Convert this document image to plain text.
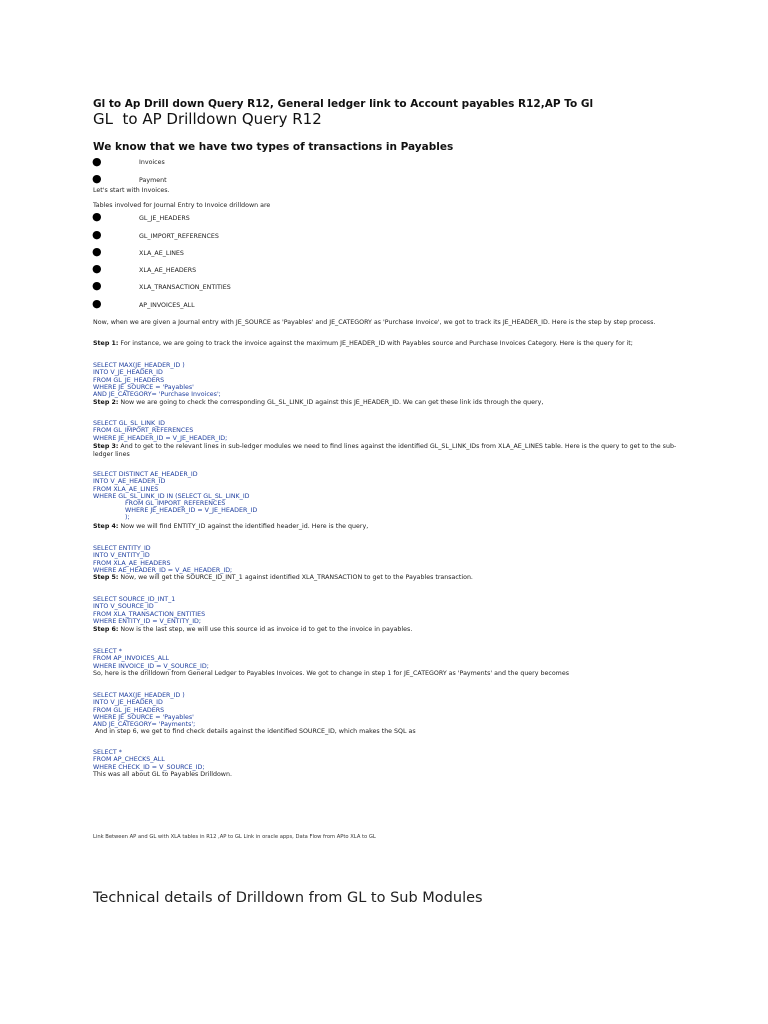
Gl to Ap Drill down Query R12, General ledger link to Account payables R12,AP To Gl
GL  to AP Drilldown Query R12
We know that we have two types of transactions in Payables
●	Invoices
●	Payment
Let's start with Invoices.
Tables involved for Journal Entry to Invoice drilldown are
●	GL_JE_HEADERS
●	GL_IMPORT_REFERENCES
●	XLA_AE_LINES
●	XLA_AE_HEADERS
●	XLA_TRANSACTION_ENTITIES
●	AP_INVOICES_ALL
Now, when we are given a Journal entry with JE_SOURCE as 'Payables' and JE_CATEGORY as 'Purchase Invoice', we got to track its JE_HEADER_ID. Here is the step by step process.
Step 1: For instance, we are going to track the invoice against the maximum JE_HEADER_ID with Payables source and Purchase Invoices Category. Here is the query for it;

SELECT MAX(JE_HEADER_ID )
INTO V_JE_HEADER_ID
FROM GL_JE_HEADERS
WHERE JE_SOURCE = 'Payables'
AND JE_CATEGORY= 'Purchase Invoices';
Step 2: Now we are going to check the corresponding GL_SL_LINK_ID against this JE_HEADER_ID. We can get these link ids through the query,

SELECT GL_SL_LINK_ID
FROM GL_IMPORT_REFERENCES
WHERE JE_HEADER_ID = V_JE_HEADER_ID;
Step 3: And to get to the relevant lines in sub-ledger modules we need to find lines against the identified GL_SL_LINK_IDs from XLA_AE_LINES table. Here is the query to get to the sub-ledger lines

SELECT DISTINCT AE_HEADER_ID
INTO V_AE_HEADER_ID
FROM XLA_AE_LINES
WHERE GL_SL_LINK_ID IN (SELECT GL_SL_LINK_ID
FROM GL_IMPORT_REFERENCES
WHERE JE_HEADER_ID = V_JE_HEADER_ID
);
Step 4: Now we will find ENTITY_ID against the identified header_id. Here is the query,

SELECT ENTITY_ID
INTO V_ENTITY_ID
FROM XLA_AE_HEADERS
WHERE AE_HEADER_ID = V_AE_HEADER_ID;
Step 5: Now, we will get the SOURCE_ID_INT_1 against identified XLA_TRANSACTION to get to the Payables transaction.

SELECT SOURCE_ID_INT_1
INTO V_SOURCE_ID
FROM XLA_TRANSACTION_ENTITIES
WHERE ENTITY_ID = V_ENTITY_ID;
Step 6: Now is the last step, we will use this source id as invoice id to get to the invoice in payables.

SELECT *
FROM AP_INVOICES_ALL
WHERE INVOICE_ID = V_SOURCE_ID;
So, here is the drilldown from General Ledger to Payables Invoices. We got to change in step 1 for JE_CATEGORY as 'Payments' and the query becomes

SELECT MAX(JE_HEADER_ID )
INTO V_JE_HEADER_ID
FROM GL_JE_HEADERS
WHERE JE_SOURCE = 'Payables'
AND JE_CATEGORY= 'Payments';
And in step 6, we get to find check details against the identified SOURCE_ID, which makes the SQL as

SELECT *
FROM AP_CHECKS_ALL
WHERE CHECK_ID = V_SOURCE_ID;
This was all about GL to Payables Drilldown.
Link Between AP and GL with XLA tables in R12 ,AP to GL Link in oracle apps, Data Flow from APto XLA to GL
Technical details of Drilldown from GL to Sub Modules
